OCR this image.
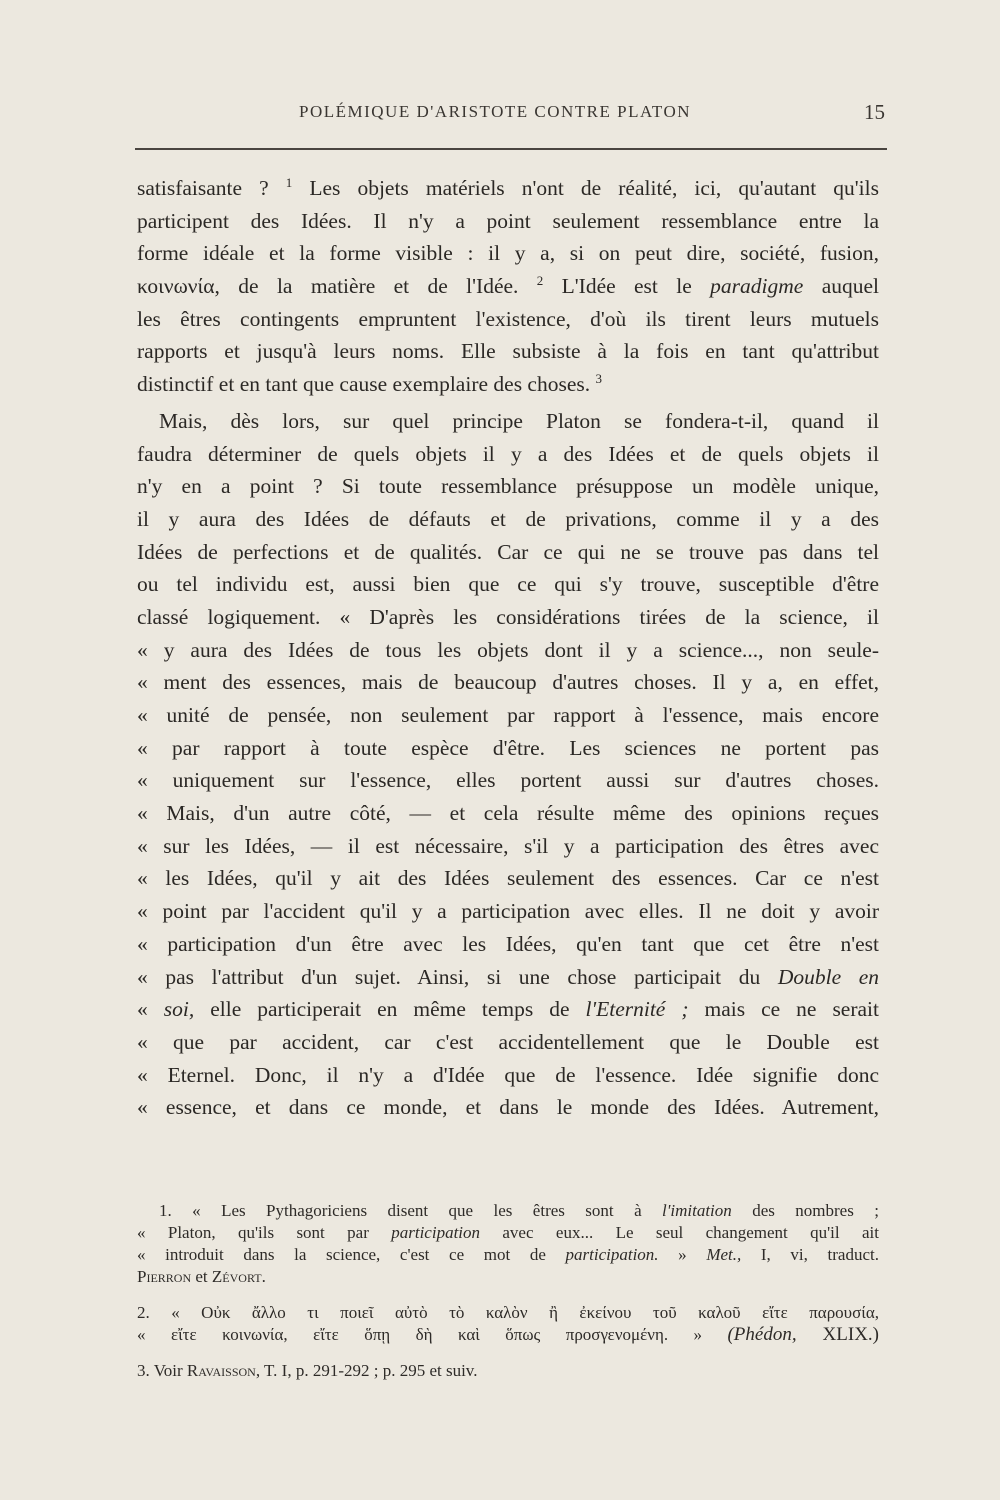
POLÉMIQUE D'ARISTOTE CONTRE PLATON	15
satisfaisante ? $^1$ Les objets matériels n'ont de réalité, ici, qu'autant qu'ils
participent des Idées. Il n'y a point seulement ressemblance entre la
forme idéale et la forme visible : il y a, si on peut dire, société, fusion,
κοινωνία, de la matière et de l'Idée. $^2$ L'Idée est le paradigme auquel
les êtres contingents empruntent l'existence, d'où ils tirent leurs mutuels
rapports et jusqu'à leurs noms. Elle subsiste à la fois en tant qu'attribut
distinctif et en tant que cause exemplaire des choses. $^3$
Mais, dès lors, sur quel principe Platon se fondera-t-il, quand il
faudra déterminer de quels objets il y a des Idées et de quels objets il
n'y en a point ? Si toute ressemblance présuppose un modèle unique,
il y aura des Idées de défauts et de privations, comme il y a des
Idées de perfections et de qualités. Car ce qui ne se trouve pas dans tel
ou tel individu est, aussi bien que ce qui s'y trouve, susceptible d'être
classé logiquement. « D'après les considérations tirées de la science, il
« y aura des Idées de tous les objets dont il y a science..., non seule-
« ment des essences, mais de beaucoup d'autres choses. Il y a, en effet,
« unité de pensée, non seulement par rapport à l'essence, mais encore
« par rapport à toute espèce d'être. Les sciences ne portent pas
« uniquement sur l'essence, elles portent aussi sur d'autres choses.
« Mais, d'un autre côté, — et cela résulte même des opinions reçues
« sur les Idées, — il est nécessaire, s'il y a participation des êtres avec
« les Idées, qu'il y ait des Idées seulement des essences. Car ce n'est
« point par l'accident qu'il y a participation avec elles. Il ne doit y avoir
« participation d'un être avec les Idées, qu'en tant que cet être n'est
« pas l'attribut d'un sujet. Ainsi, si une chose participait du Double en
« soi, elle participerait en même temps de l'Eternité ; mais ce ne serait
« que par accident, car c'est accidentellement que le Double est
« Eternel. Donc, il n'y a d'Idée que de l'essence. Idée signifie donc
« essence, et dans ce monde, et dans le monde des Idées. Autrement,
1. « Les Pythagoriciens disent que les êtres sont à l'imitation des nombres ;
« Platon, qu'ils sont par participation avec eux... Le seul changement qu'il ait
« introduit dans la science, c'est ce mot de participation. » Met., I, vi, traduct.
Pierron et Zévort.
2. « Οὐκ ἄλλο τι ποιεῖ αὐτὸ τὸ καλὸν ἢ ἐκείνου τοῦ καλοῦ εἴτε παρουσία,
« εἴτε κοινωνία, εἴτε ὅπῃ δὴ καὶ ὅπως προσγενομένη. » (Phédon, XLIX.)
3. Voir Ravaisson, T. I, p. 291-292 ; p. 295 et suiv.
